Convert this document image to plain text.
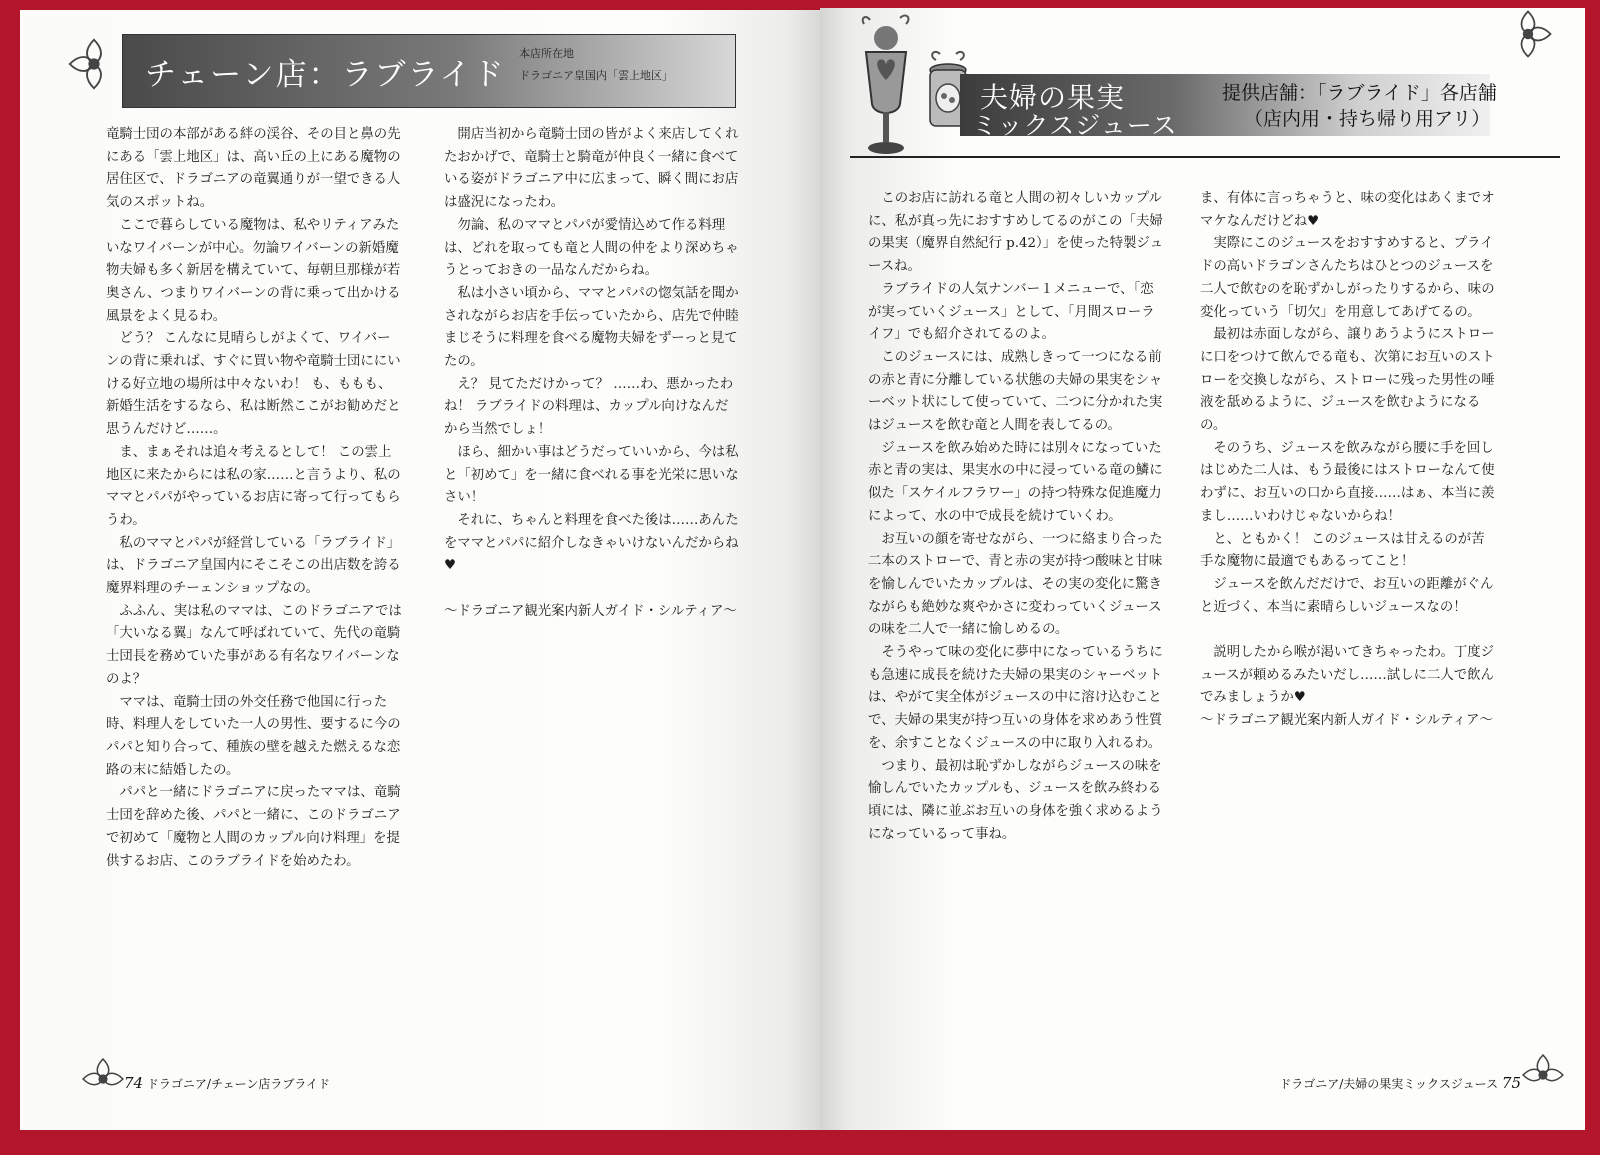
チェーン店：ラブライド
本店所在地
ドラゴニア皇国内「雲上地区」

竜騎士団の本部がある絆の渓谷、その目と鼻の先にある「雲上地区」は、高い丘の上にある魔物の居住区で、ドラゴニアの竜翼通りが一望できる人気のスポットね。

ここで暮らしている魔物は、私やリティアみたいなワイバーンが中心。勿論ワイバーンの新婚魔物夫婦も多く新居を構えていて、毎朝旦那様が若奥さん、つまりワイバーンの背に乗って出かける風景をよく見るわ。

どう？ こんなに見晴らしがよくて、ワイバーンの背に乗れば、すぐに買い物や竜騎士団ににいける好立地の場所は中々ないわ！ も、ももも、新婚生活をするなら、私は断然ここがお勧めだと思うんだけど……。

ま、まぁそれは追々考えるとして！ この雲上地区に来たからには私の家……と言うより、私のママとパパがやっているお店に寄って行ってもらうわ。

私のママとパパが経営している「ラブライド」は、ドラゴニア皇国内にそこそこの出店数を誇る魔界料理のチーェンショップなの。

ふふん、実は私のママは、このドラゴニアでは「大いなる翼」なんて呼ばれていて、先代の竜騎士団長を務めていた事がある有名なワイバーンなのよ？

ママは、竜騎士団の外交任務で他国に行った時、料理人をしていた一人の男性、要するに今のパパと知り合って、種族の壁を越えた燃えるな恋路の末に結婚したの。

パパと一緒にドラゴニアに戻ったママは、竜騎士団を辞めた後、パパと一緒に、このドラゴニアで初めて「魔物と人間のカップル向け料理」を提供するお店、このラブライドを始めたわ。

開店当初から竜騎士団の皆がよく来店してくれたおかげで、竜騎士と騎竜が仲良く一緒に食べている姿がドラゴニア中に広まって、瞬く間にお店は盛況になったわ。

勿論、私のママとパパが愛情込めて作る料理は、どれを取っても竜と人間の仲をより深めちゃうとっておきの一品なんだからね。

私は小さい頃から、ママとパパの惚気話を聞かされながらお店を手伝っていたから、店先で仲睦まじそうに料理を食べる魔物夫婦をずーっと見てたの。

え？ 見てただけかって？ ……わ、悪かったわね！ ラブライドの料理は、カップル向けなんだから当然でしょ！

ほら、細かい事はどうだっていいから、今は私と「初めて」を一緒に食べれる事を光栄に思いなさい！

それに、ちゃんと料理を食べた後は……あんたをママとパパに紹介しなきゃいけないんだからね♥

～ドラゴニア観光案内新人ガイド・シルティア～

74 ドラゴニア/チェーン店ラブライド
夫婦の果実
ミックスジュース
提供店舗：「ラブライド」各店舗
（店内用・持ち帰り用アリ）

このお店に訪れる竜と人間の初々しいカップルに、私が真っ先におすすめしてるのがこの「夫婦の果実（魔界自然紀行 p.42）」を使った特製ジュースね。

ラブライドの人気ナンバー１メニューで、「恋が実っていくジュース」として、「月間スローライフ」でも紹介されてるのよ。

このジュースには、成熟しきって一つになる前の赤と青に分離している状態の夫婦の果実をシャーベット状にして使っていて、二つに分かれた実はジュースを飲む竜と人間を表してるの。

ジュースを飲み始めた時には別々になっていた赤と青の実は、果実水の中に浸っている竜の鱗に似た「スケイルフラワー」の持つ特殊な促進魔力によって、水の中で成長を続けていくわ。

お互いの顔を寄せながら、一つに絡まり合った二本のストローで、青と赤の実が持つ酸味と甘味を愉しんでいたカップルは、その実の変化に驚きながらも絶妙な爽やかさに変わっていくジュースの味を二人で一緒に愉しめるの。

そうやって味の変化に夢中になっているうちにも急速に成長を続けた夫婦の果実のシャーベットは、やがて実全体がジュースの中に溶け込むことで、夫婦の果実が持つ互いの身体を求めあう性質を、余すことなくジュースの中に取り入れるわ。

つまり、最初は恥ずかしながらジュースの味を愉しんでいたカップルも、ジュースを飲み終わる頃には、隣に並ぶお互いの身体を強く求めるようになっているって事ね。

ま、有体に言っちゃうと、味の変化はあくまでオマケなんだけどね♥

実際にこのジュースをおすすめすると、プライドの高いドラゴンさんたちはひとつのジュースを二人で飲むのを恥ずかしがったりするから、味の変化っていう「切欠」を用意してあげてるの。

最初は赤面しながら、譲りあうようにストローに口をつけて飲んでる竜も、次第にお互いのストローを交換しながら、ストローに残った男性の唾液を舐めるように、ジュースを飲むようになるの。

そのうち、ジュースを飲みながら腰に手を回しはじめた二人は、もう最後にはストローなんて使わずに、お互いの口から直接……はぁ、本当に羨まし……いわけじゃないからね！

と、ともかく！ このジュースは甘えるのが苦手な魔物に最適でもあるってこと！

ジュースを飲んだだけで、お互いの距離がぐんと近づく、本当に素晴らしいジュースなの！

説明したから喉が渇いてきちゃったわ。丁度ジュースが頼めるみたいだし……試しに二人で飲んでみましょうか♥

～ドラゴニア観光案内新人ガイド・シルティア～

ドラゴニア/夫婦の果実ミックスジュース 75
